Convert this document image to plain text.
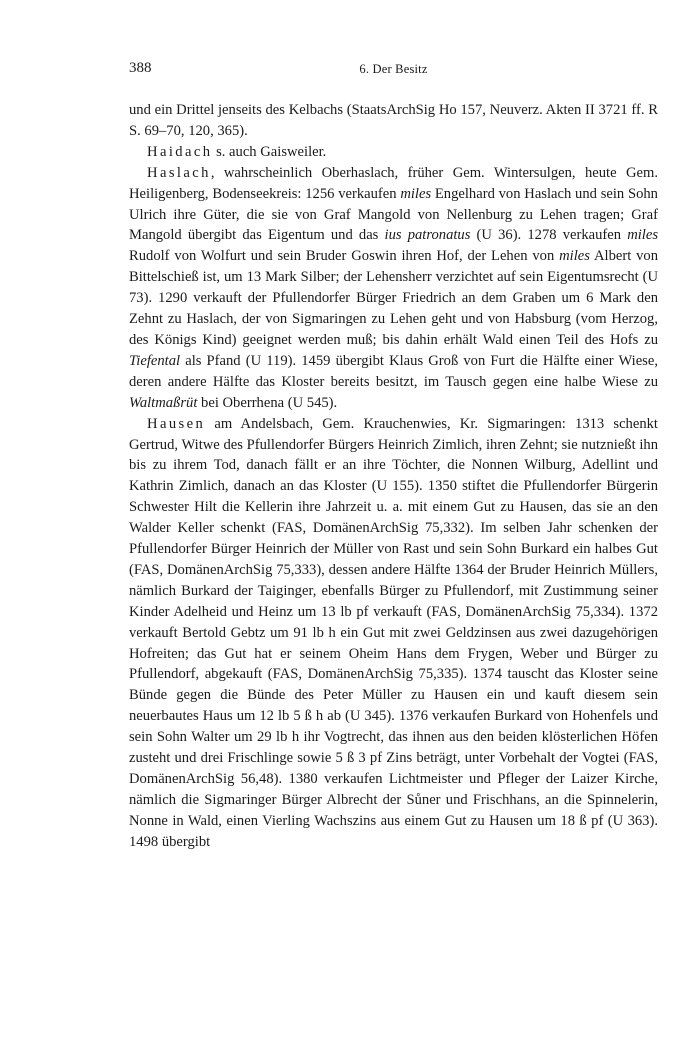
388	6. Der Besitz

und ein Drittel jenseits des Kelbachs (StaatsArchSig Ho 157, Neuverz. Akten II 3721 ff. R S. 69–70, 120, 365).

Haidach s. auch Gaisweiler.

Haslach, wahrscheinlich Oberhaslach, früher Gem. Wintersulgen, heute Gem. Heiligenberg, Bodenseekreis: 1256 verkaufen miles Engelhard von Haslach und sein Sohn Ulrich ihre Güter, die sie von Graf Mangold von Nellenburg zu Lehen tragen; Graf Mangold übergibt das Eigentum und das ius patronatus (U 36). 1278 verkaufen miles Rudolf von Wolfurt und sein Bruder Goswin ihren Hof, der Lehen von miles Albert von Bittelschieß ist, um 13 Mark Silber; der Lehensherr verzichtet auf sein Eigentumsrecht (U 73). 1290 verkauft der Pfullendorfer Bürger Friedrich an dem Graben um 6 Mark den Zehnt zu Haslach, der von Sigmaringen zu Lehen geht und von Habsburg (vom Herzog, des Königs Kind) geeignet werden muß; bis dahin erhält Wald einen Teil des Hofs zu Tiefental als Pfand (U 119). 1459 übergibt Klaus Groß von Furt die Hälfte einer Wiese, deren andere Hälfte das Kloster bereits besitzt, im Tausch gegen eine halbe Wiese zu Waltmaßrüt bei Oberrhena (U 545).

Hausen am Andelsbach, Gem. Krauchenwies, Kr. Sigmaringen: 1313 schenkt Gertrud, Witwe des Pfullendorfer Bürgers Heinrich Zimlich, ihren Zehnt; sie nutznießt ihn bis zu ihrem Tod, danach fällt er an ihre Töchter, die Nonnen Wilburg, Adellint und Kathrin Zimlich, danach an das Kloster (U 155). 1350 stiftet die Pfullendorfer Bürgerin Schwester Hilt die Kellerin ihre Jahrzeit u. a. mit einem Gut zu Hausen, das sie an den Walder Keller schenkt (FAS, DomänenArchSig 75,332). Im selben Jahr schenken der Pfullendorfer Bürger Heinrich der Müller von Rast und sein Sohn Burkard ein halbes Gut (FAS, DomänenArchSig 75,333), dessen andere Hälfte 1364 der Bruder Heinrich Müllers, nämlich Burkard der Taiginger, ebenfalls Bürger zu Pfullendorf, mit Zustimmung seiner Kinder Adelheid und Heinz um 13 lb pf verkauft (FAS, DomänenArchSig 75,334). 1372 verkauft Bertold Gebtz um 91 lb h ein Gut mit zwei Geldzinsen aus zwei dazugehörigen Hofreiten; das Gut hat er seinem Oheim Hans dem Frygen, Weber und Bürger zu Pfullendorf, abgekauft (FAS, DomänenArchSig 75,335). 1374 tauscht das Kloster seine Bünde gegen die Bünde des Peter Müller zu Hausen ein und kauft diesem sein neuerbautes Haus um 12 lb 5 ß h ab (U 345). 1376 verkaufen Burkard von Hohenfels und sein Sohn Walter um 29 lb h ihr Vogtrecht, das ihnen aus den beiden klösterlichen Höfen zusteht und drei Frischlinge sowie 5 ß 3 pf Zins beträgt, unter Vorbehalt der Vogtei (FAS, DomänenArchSig 56,48). 1380 verkaufen Lichtmeister und Pfleger der Laizer Kirche, nämlich die Sigmaringer Bürger Albrecht der Sůner und Frischhans, an die Spinnelerin, Nonne in Wald, einen Vierling Wachszins aus einem Gut zu Hausen um 18 ß pf (U 363). 1498 übergibt
